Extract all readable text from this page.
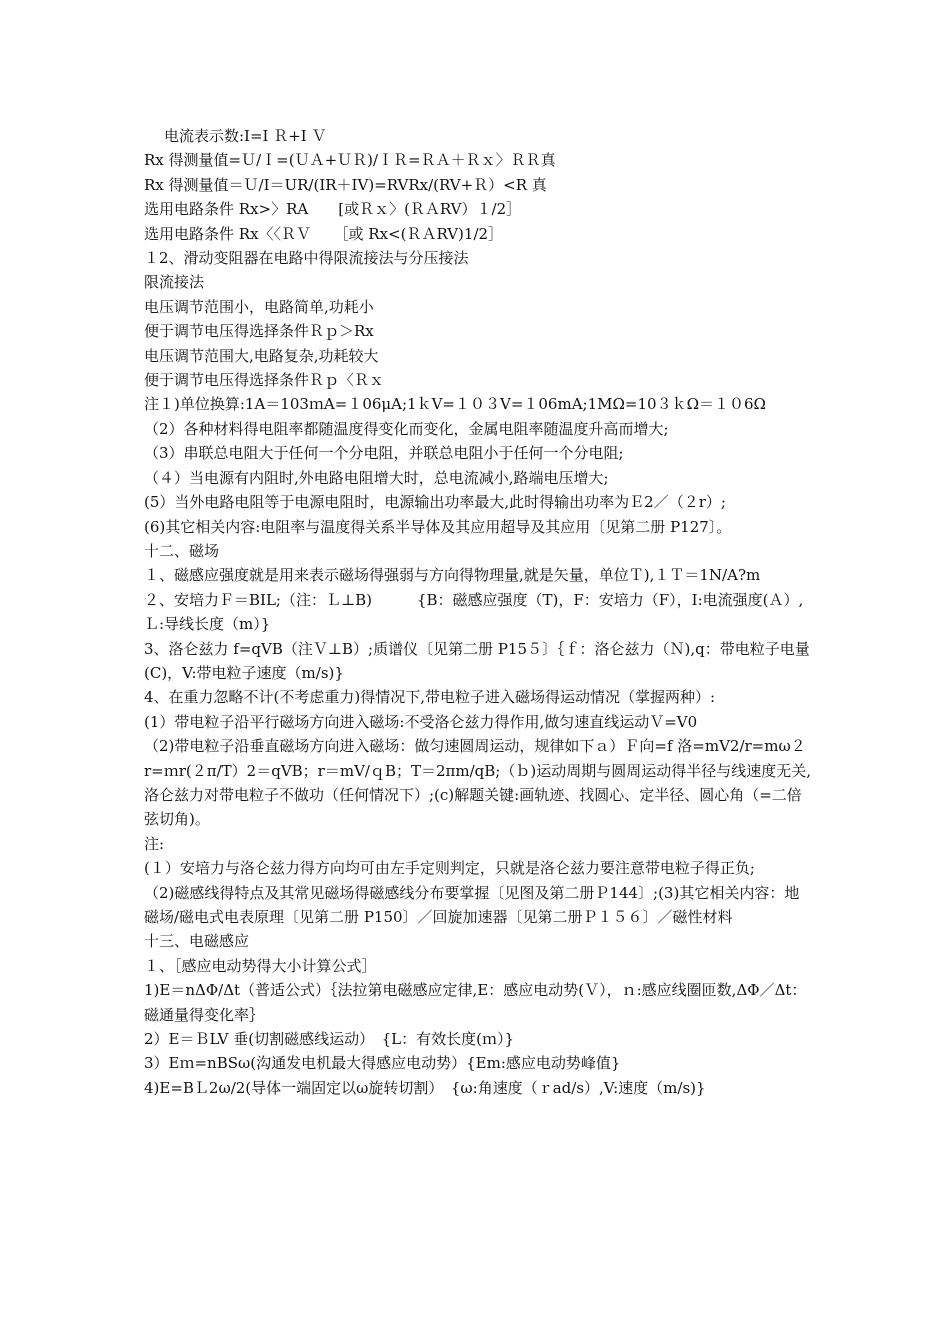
电流表示数:I=I Ｒ+I Ｖ

Rx 得测量值=Ｕ/Ｉ=(ＵＡ+ＵＲ)/ＩＲ=ＲＡ＋Ｒｘ〉ＲＲ真

Rx 得测量值＝Ｕ/I＝UR/(IR＋IV)=RVRx/(RV+Ｒ）<R 真

选用电路条件 Rx>〉RA　　[或Ｒｘ〉(ＲＡRV）１/2］

选用电路条件 Rx〈〈ＲＶ　　［或 Rx<(ＲＡRV)1/2］

１2、滑动变阻器在电路中得限流接法与分压接法

限流接法

电压调节范围小，电路简单,功耗小

便于调节电压得选择条件Ｒｐ＞Rx

电压调节范围大,电路复杂,功耗较大

便于调节电压得选择条件Ｒｐ〈Ｒｘ

注１)单位换算:1A＝103ｍA=１06μA;1ｋV=１０３V=１06mA;1MΩ=10３ｋΩ＝１０6Ω

（2）各种材料得电阻率都随温度得变化而变化，金属电阻率随温度升高而增大;

（3）串联总电阻大于任何一个分电阻，并联总电阻小于任何一个分电阻;

（４）当电源有内阻时,外电路电阻增大时，总电流减小,路端电压增大;

(5）当外电路电阻等于电源电阻时，电源输出功率最大,此时得输出功率为Ｅ2／（２r）;

(6)其它相关内容:电阻率与温度得关系半导体及其应用超导及其应用〔见第二册 P127〕。

十二、磁场

１、磁感应强度就是用来表示磁场得强弱与方向得物理量,就是矢量，单位Ｔ),１Ｔ＝1N/A?m

２、安培力Ｆ＝BIL;（注：Ｌ⊥B)　　　{B：磁感应强度（T)，F：安培力（F），I:电流强度(Ａ）,Ｌ:导线长度（m）}

3、洛仑兹力 f=qVB（注Ｖ⊥B）;质谱仪〔见第二册 P15５〕｛ｆ：洛仑兹力（Ｎ),q：带电粒子电量(C)，V:带电粒子速度（m/s)}

4、在重力忽略不计(不考虑重力)得情况下,带电粒子进入磁场得运动情况（掌握两种）:

(1）带电粒子沿平行磁场方向进入磁场:不受洛仑兹力得作用,做匀速直线运动Ｖ=V0

（2)带电粒子沿垂直磁场方向进入磁场：做匀速圆周运动，规律如下ａ）Ｆ向=f 洛=mV2/r=mω２r=ｍr(２π/T）2＝qVB；r＝mV/ｑB；T＝2πm/qB;（ｂ)运动周期与圆周运动得半径与线速度无关,洛仑兹力对带电粒子不做功（任何情况下）;(c)解题关键:画轨迹、找圆心、定半径、圆心角（=二倍弦切角)。

注:

(１）安培力与洛仑兹力得方向均可由左手定则判定，只就是洛仑兹力要注意带电粒子得正负;

（2)磁感线得特点及其常见磁场得磁感线分布要掌握〔见图及第二册Ｐ144〕;(3)其它相关内容：地磁场/磁电式电表原理〔见第二册 P150〕／回旋加速器〔见第二册Ｐ１５６〕／磁性材料

十三、电磁感应

１、［感应电动势得大小计算公式］

1)E＝nΔΦ/Δt（普适公式）｛法拉第电磁感应定律,E：感应电动势(Ｖ），ｎ:感应线圈匝数,ΔΦ／Δt：磁通量得变化率｝

2）E＝ＢLV 垂(切割磁感线运动）　{L：有效长度(ｍ）}

3）Eｍ=nBSω(沟通发电机最大得感应电动势）{Em:感应电动势峰值}

4)E=BＬ2ω/2(导体一端固定以ω旋转切割）　{ω:角速度（ｒad/s）,V:速度（m/s)}
